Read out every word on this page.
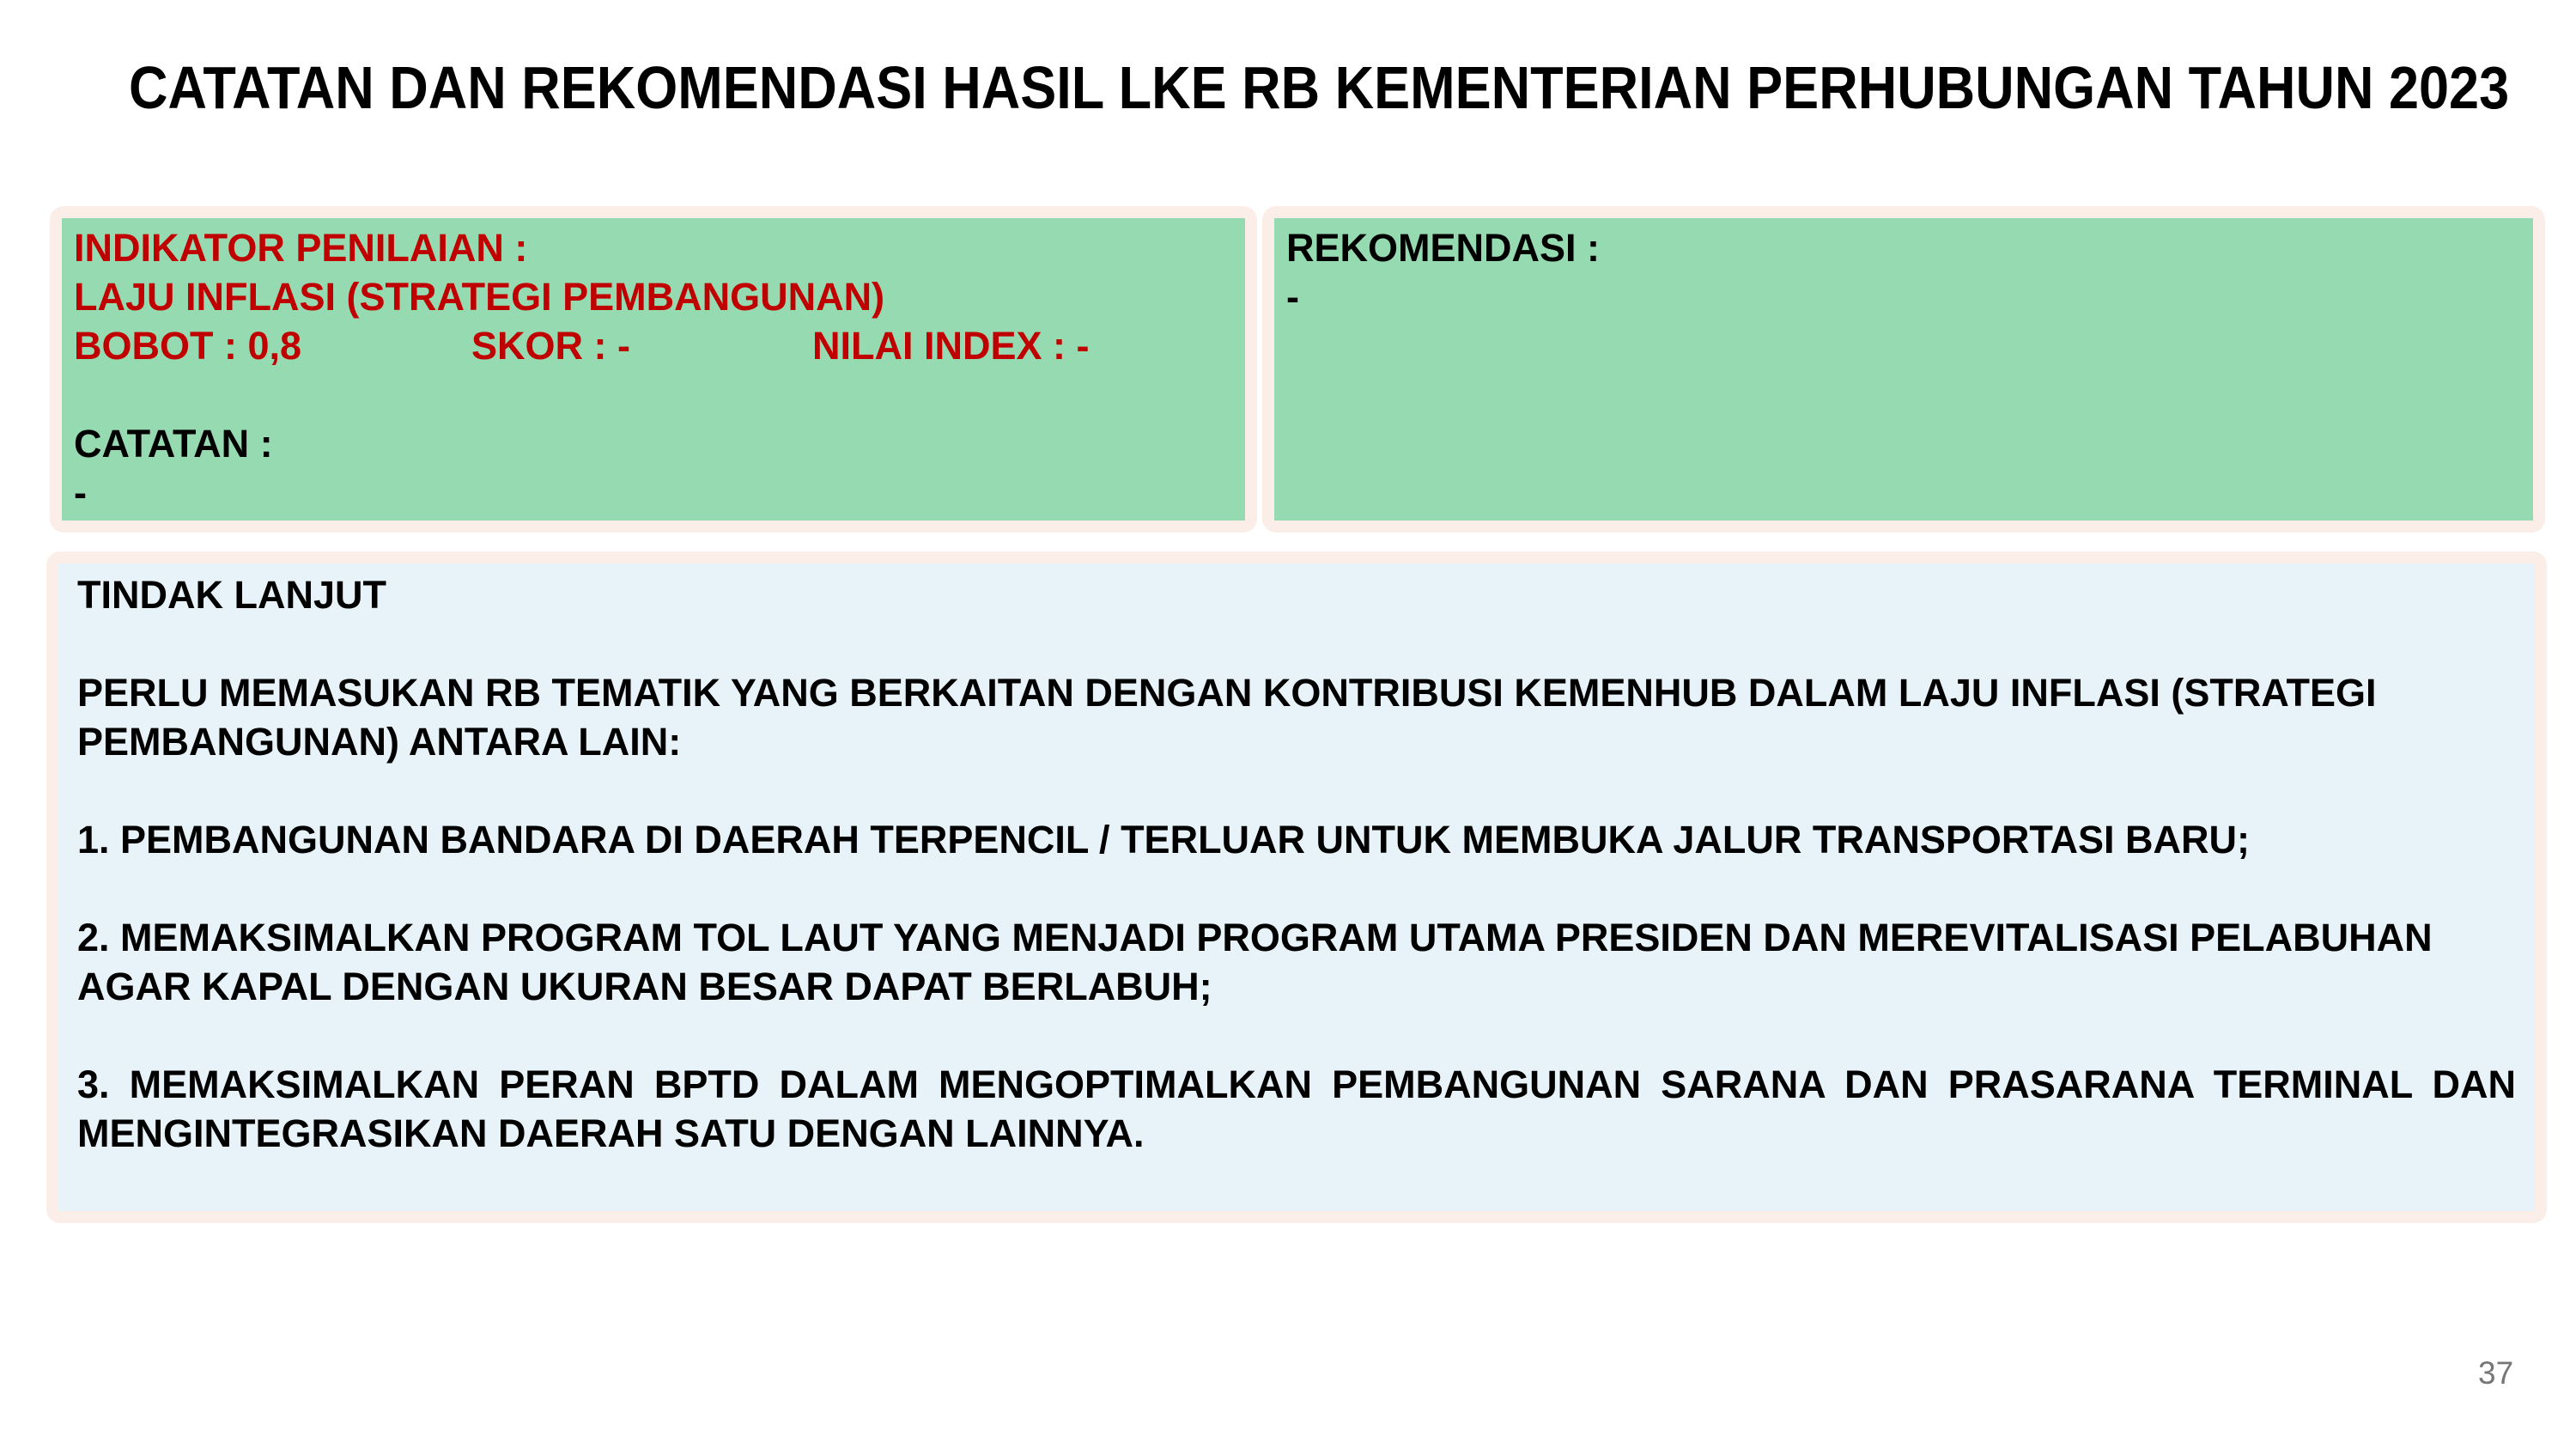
CATATAN DAN REKOMENDASI HASIL LKE RB KEMENTERIAN PERHUBUNGAN TAHUN 2023
INDIKATOR PENILAIAN :
LAJU INFLASI (STRATEGI PEMBANGUNAN)
BOBOT : 0,8	SKOR : -	NILAI INDEX : -
CATATAN :
-
REKOMENDASI :
-

TINDAK LANJUT

PERLU MEMASUKAN RB TEMATIK YANG BERKAITAN DENGAN KONTRIBUSI KEMENHUB DALAM LAJU INFLASI (STRATEGI PEMBANGUNAN) ANTARA LAIN:

1. PEMBANGUNAN BANDARA DI DAERAH TERPENCIL / TERLUAR UNTUK MEMBUKA JALUR TRANSPORTASI BARU;

2. MEMAKSIMALKAN PROGRAM TOL LAUT YANG MENJADI PROGRAM UTAMA PRESIDEN DAN MEREVITALISASI PELABUHAN AGAR KAPAL DENGAN UKURAN BESAR DAPAT BERLABUH;

3. MEMAKSIMALKAN PERAN BPTD DALAM MENGOPTIMALKAN PEMBANGUNAN SARANA DAN PRASARANA TERMINAL DAN MENGINTEGRASIKAN DAERAH SATU DENGAN LAINNYA.

37
